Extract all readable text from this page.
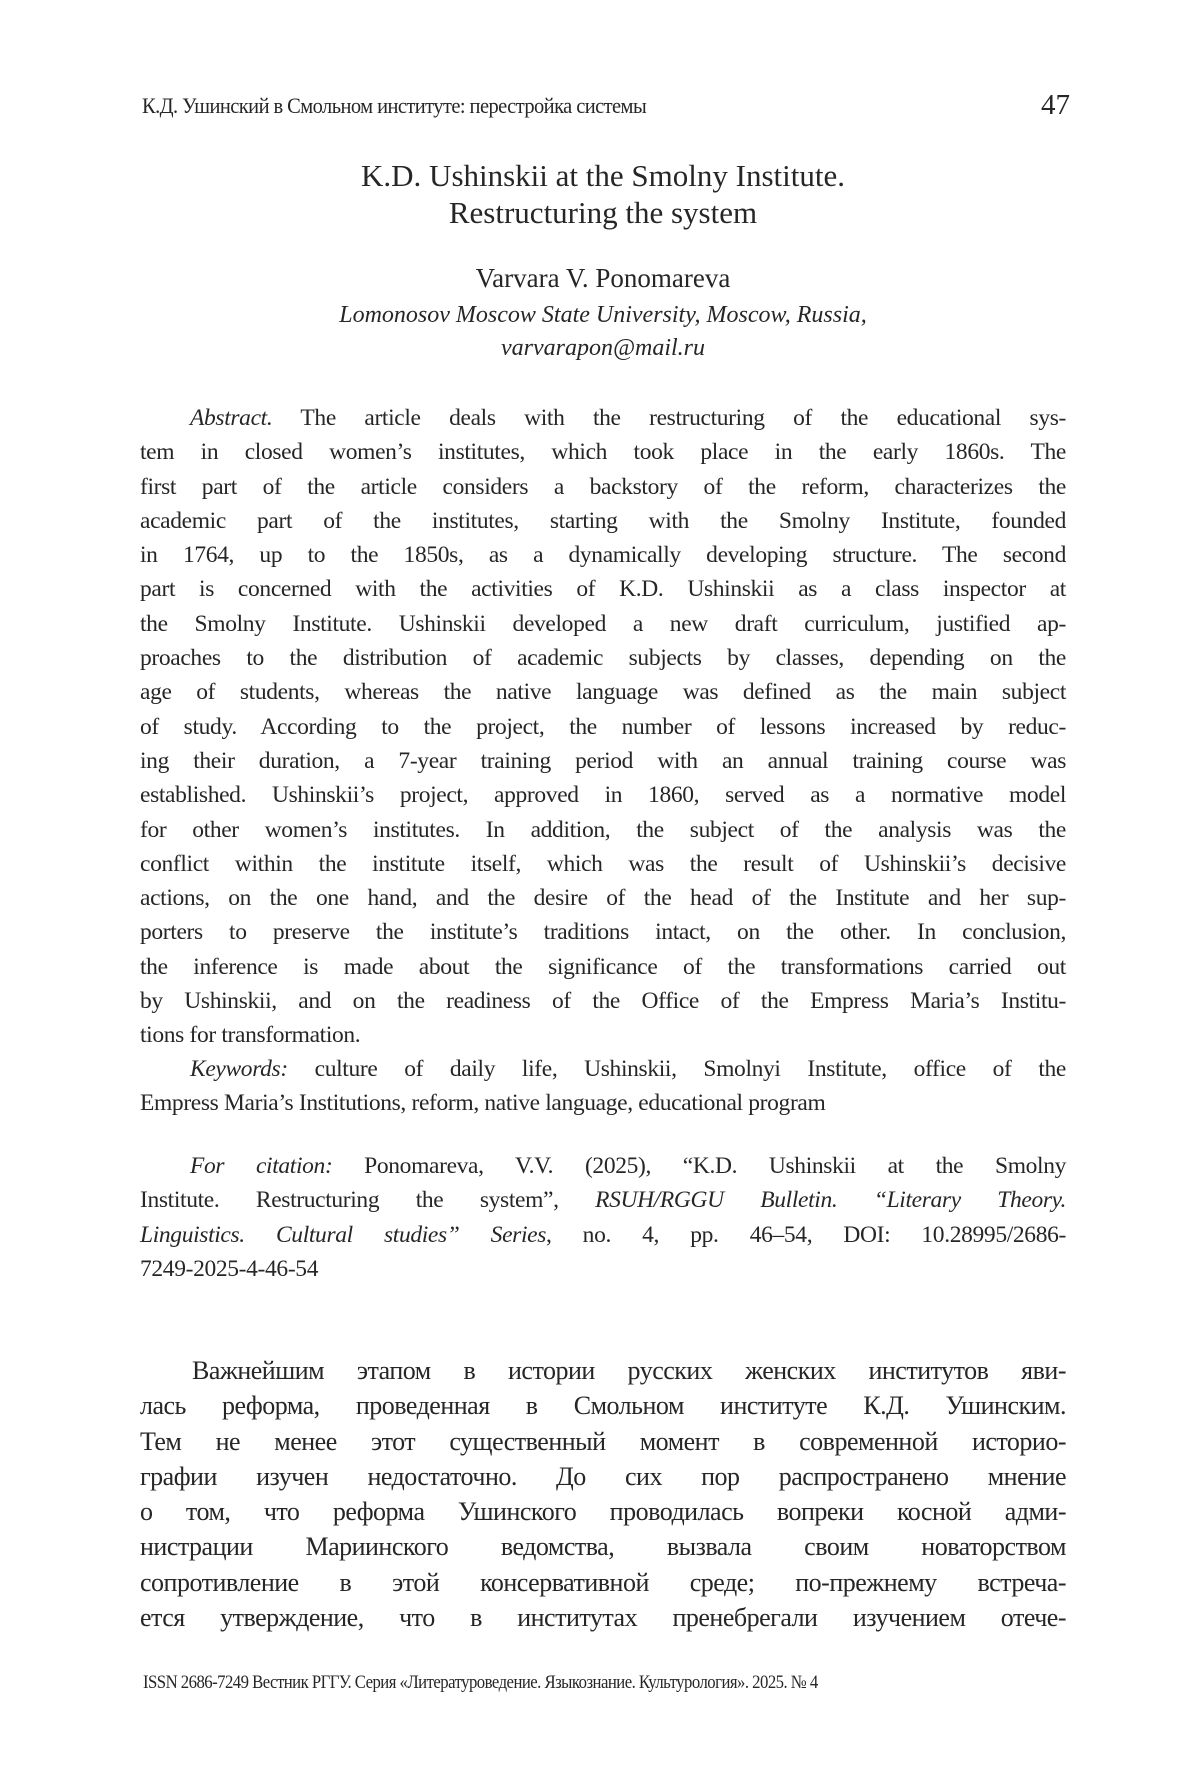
К.Д. Ушинский в Смольном институте: перестройка системы	47
K.D. Ushinskii at the Smolny Institute.
Restructuring the system
Varvara V. Ponomareva
Lomonosov Moscow State University, Moscow, Russia,
varvarapon@mail.ru
Abstract. The article deals with the restructuring of the educational sys-
tem in closed women’s institutes, which took place in the early 1860s. The
first part of the article considers a backstory of the reform, characterizes the
academic part of the institutes, starting with the Smolny Institute, founded
in 1764, up to the 1850s, as a dynamically developing structure. The second
part is concerned with the activities of K.D. Ushinskii as a class inspector at
the Smolny Institute. Ushinskii developed a new draft curriculum, justified ap-
proaches to the distribution of academic subjects by classes, depending on the
age of students, whereas the native language was defined as the main subject
of study. According to the project, the number of lessons increased by reduc-
ing their duration, a 7-year training period with an annual training course was
established. Ushinskii’s project, approved in 1860, served as a normative model
for other women’s institutes. In addition, the subject of the analysis was the
conflict within the institute itself, which was the result of Ushinskii’s decisive
actions, on the one hand, and the desire of the head of the Institute and her sup-
porters to preserve the institute’s traditions intact, on the other. In conclusion,
the inference is made about the significance of the transformations carried out
by Ushinskii, and on the readiness of the Office of the Empress Maria’s Institu-
tions for transformation.
Keywords: culture of daily life, Ushinskii, Smolnyi Institute, office of the
Empress Maria’s Institutions, reform, native language, educational program
For citation: Ponomareva, V.V. (2025), “K.D. Ushinskii at the Smolny
Institute. Restructuring the system”, RSUH/RGGU Bulletin. “Literary Theory.
Linguistics. Cultural studies” Series, no. 4, pp. 46–54, DOI: 10.28995/2686-
7249-2025-4-46-54
Важнейшим этапом в истории русских женских институтов яви-
лась реформа, проведенная в Смольном институте К.Д. Ушинским.
Тем не менее этот существенный момент в современной историо-
графии изучен недостаточно. До сих пор распространено мнение
о том, что реформа Ушинского проводилась вопреки косной адми-
нистрации Мариинского ведомства, вызвала своим новаторством
сопротивление в этой консервативной среде; по-прежнему встреча-
ется утверждение, что в институтах пренебрегали изучением отече-
ISSN 2686-7249 Вестник РГГУ. Серия «Литературоведение. Языкознание. Культурология». 2025. № 4
